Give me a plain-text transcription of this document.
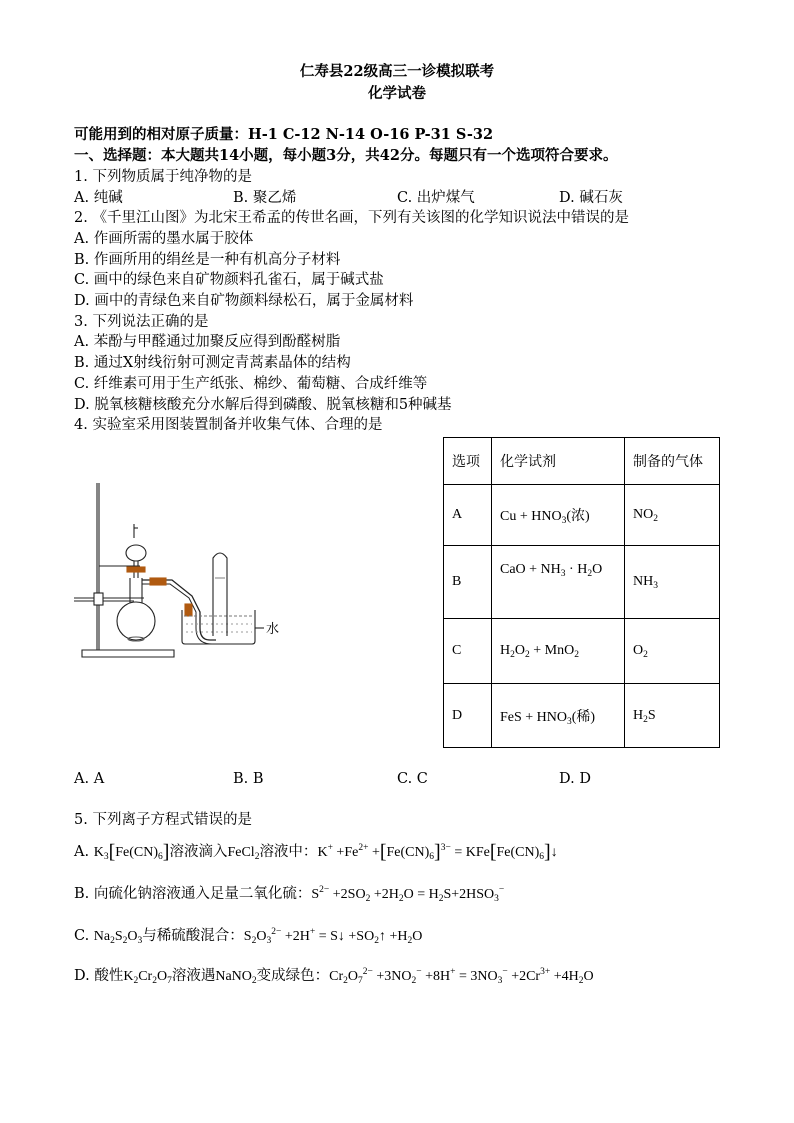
仁寿县22级高三一诊模拟联考
化学试卷
可能用到的相对原子质量：H-1 C-12 N-14 O-16 P-31 S-32
一、选择题：本大题共14小题，每小题3分，共42分。每题只有一个选项符合要求。
1. 下列物质属于纯净物的是
A. 纯碱	B. 聚乙烯	C. 出炉煤气	D. 碱石灰
2. 《千里江山图》为北宋王希孟的传世名画，下列有关该图的化学知识说法中错误的是
A. 作画所需的墨水属于胶体
B. 作画所用的绢丝是一种有机高分子材料
C. 画中的绿色来自矿物颜料孔雀石，属于碱式盐
D. 画中的青绿色来自矿物颜料绿松石，属于金属材料
3. 下列说法正确的是
A. 苯酚与甲醛通过加聚反应得到酚醛树脂
B. 通过X射线衍射可测定青蒿素晶体的结构
C. 纤维素可用于生产纸张、棉纱、葡萄糖、合成纤维等
D. 脱氧核糖核酸充分水解后得到磷酸、脱氧核糖和5种碱基
4. 实验室采用图装置制备并收集气体、合理的是
水
选项	化学试剂	制备的气体
A	$Cu + HNO_3$(浓)	$NO_2$
B	CaO + $NH_3 \cdot H_2O$	$NH_3$
C	$H_2O_2 + MnO_2$	$O_2$
D	FeS + $HNO_3$(稀)	$H_2S$
A. A	B. B	C. C	D. D
5. 下列离子方程式错误的是
A. $K_3[Fe(CN)_6]$溶液滴入FeCl$_2$溶液中：$K^+ +Fe^{2+} +[Fe(CN)_6]^{3-}$ = $KFe[Fe(CN)_6]↓$
B. 向硫化钠溶液通入足量二氧化硫：$S^{2-} +2SO_2 +2H_2O = H_2S+2HSO_3^-$
C. $Na_2S_2O_3$与稀硫酸混合：$S_2O_3^{2-} +2H^+$ = S↓ $+SO_2↑ +H_2O$
D. 酸性$K_2Cr_2O_7$溶液遇NaNO$_2$变成绿色：$Cr_2O_7^{2-} +3NO_2^- +8H^+ = 3NO_3^- +2Cr^{3+} +4H_2O$
